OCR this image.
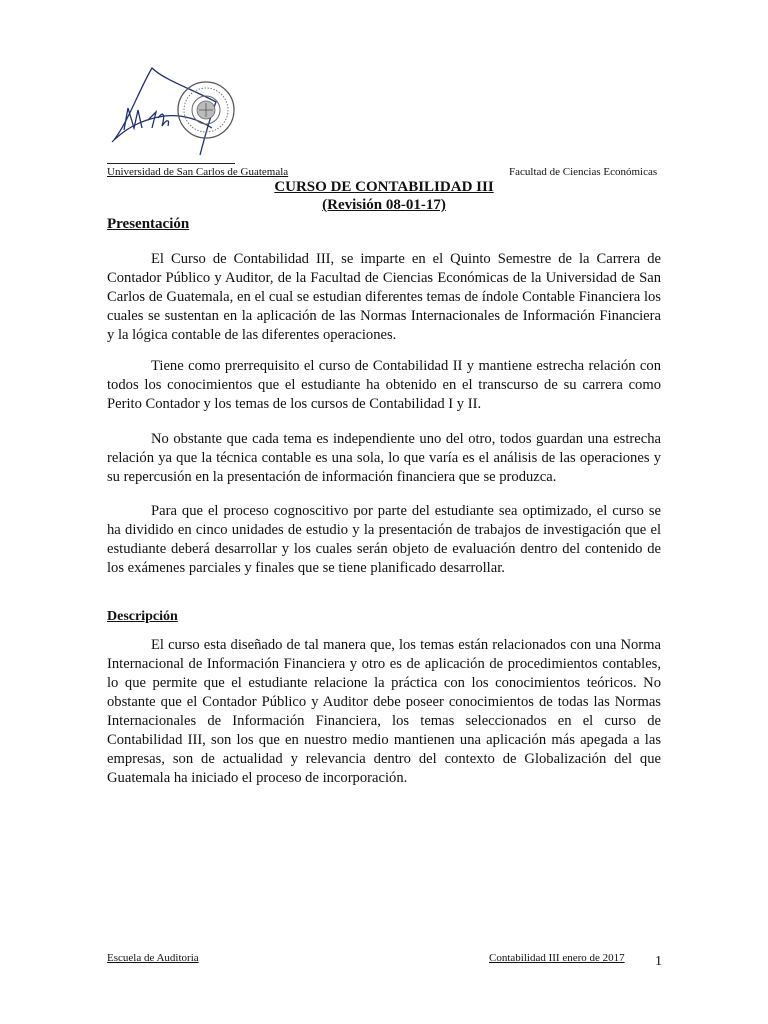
Universidad de San Carlos de Guatemala	Facultad de Ciencias Económicas
CURSO DE CONTABILIDAD III
(Revisión 08-01-17)
Presentación

El Curso de Contabilidad III, se imparte en el Quinto Semestre de la Carrera de Contador Público y Auditor, de la Facultad de Ciencias Económicas de la Universidad de San Carlos de Guatemala, en el cual se estudian diferentes temas de índole Contable Financiera los cuales se sustentan en la aplicación de las Normas Internacionales de Información Financiera y la lógica contable de las diferentes operaciones.

Tiene como prerrequisito el curso de Contabilidad II y mantiene estrecha relación con todos los conocimientos que el estudiante ha obtenido en el transcurso de su carrera como Perito Contador y los temas de los cursos de Contabilidad I y II.

No obstante que cada tema es independiente uno del otro, todos guardan una estrecha relación ya que la técnica contable es una sola, lo que varía es el análisis de las operaciones y su repercusión en la presentación de información financiera que se produzca.

Para que el proceso cognoscitivo por parte del estudiante sea optimizado, el curso se ha dividido en cinco unidades de estudio y la presentación de trabajos de investigación que el estudiante deberá desarrollar y los cuales serán objeto de evaluación dentro del contenido de los exámenes parciales y finales que se tiene planificado desarrollar.

Descripción

El curso esta diseñado de tal manera que, los temas están relacionados con una Norma Internacional de Información Financiera y otro es de aplicación de procedimientos contables, lo que permite que el estudiante relacione la práctica con los conocimientos teóricos. No obstante que el Contador Público y Auditor debe poseer conocimientos de todas las Normas Internacionales de Información Financiera, los temas seleccionados en el curso de Contabilidad III, son los que en nuestro medio mantienen una aplicación más apegada a las empresas, son de actualidad y relevancia dentro del contexto de Globalización del que Guatemala ha iniciado el proceso de incorporación.

Escuela de Auditoria	Contabilidad III enero de 2017 1
